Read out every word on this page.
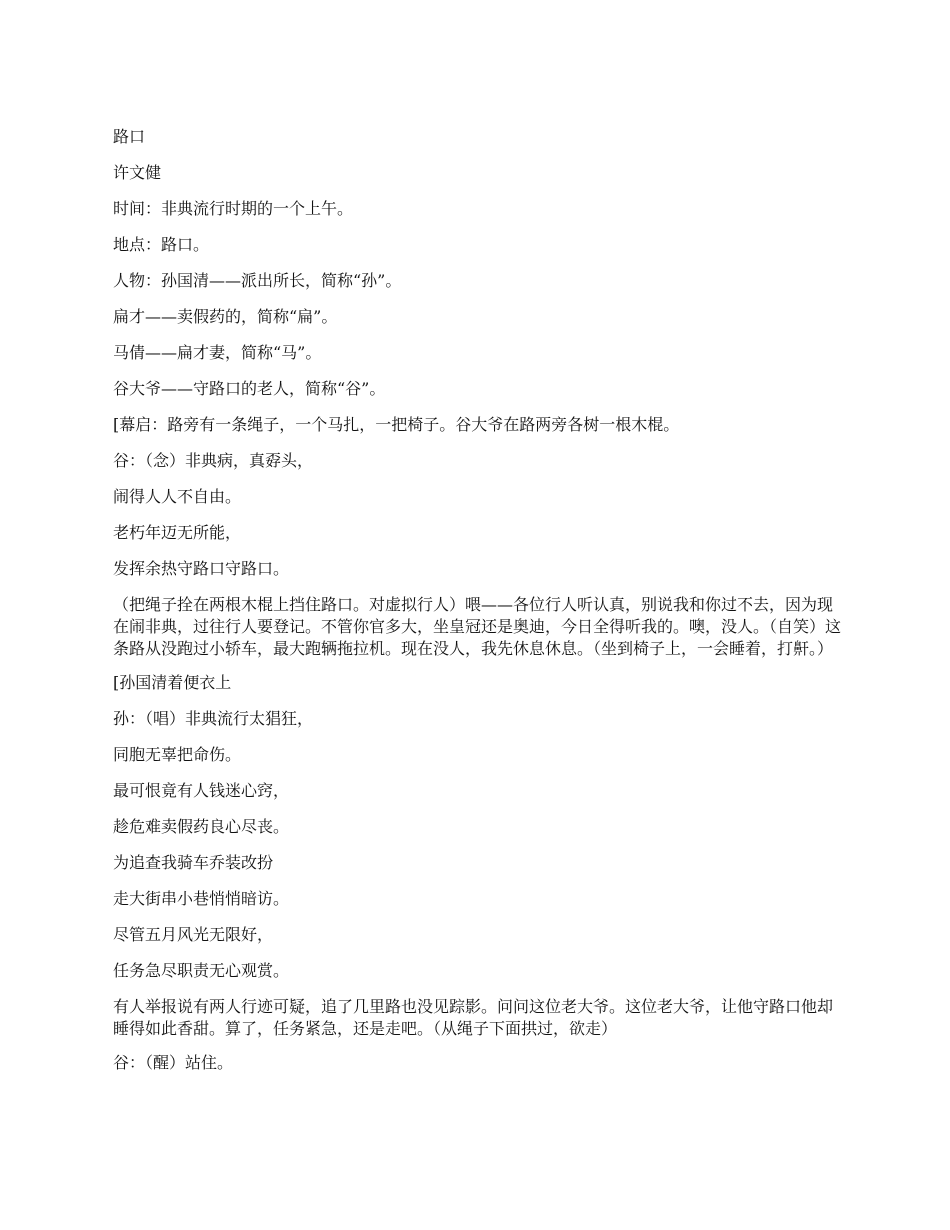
路口

许文健

时间：非典流行时期的一个上午。

地点：路口。

人物：孙国清——派出所长，简称“孙”。

扁才——卖假药的，简称“扁”。

马倩——扁才妻，简称“马”。

谷大爷——守路口的老人，简称“谷”。

[幕启：路旁有一条绳子，一个马扎，一把椅子。谷大爷在路两旁各树一根木棍。

谷：（念）非典病，真孬头，

闹得人人不自由。

老朽年迈无所能，

发挥余热守路口守路口。

（把绳子拴在两根木棍上挡住路口。对虚拟行人）喂——各位行人听认真，别说我和你过不去，因为现在闹非典，过往行人要登记。不管你官多大，坐皇冠还是奥迪，今日全得听我的。噢，没人。（自笑）这条路从没跑过小轿车，最大跑辆拖拉机。现在没人，我先休息休息。（坐到椅子上，一会睡着，打鼾。）

[孙国清着便衣上

孙：（唱）非典流行太猖狂，

同胞无辜把命伤。

最可恨竟有人钱迷心窍，

趁危难卖假药良心尽丧。

为追查我骑车乔装改扮

走大街串小巷悄悄暗访。

尽管五月风光无限好，

任务急尽职责无心观赏。

有人举报说有两人行迹可疑，追了几里路也没见踪影。问问这位老大爷。这位老大爷，让他守路口他却睡得如此香甜。算了，任务紧急，还是走吧。（从绳子下面拱过，欲走）

谷：（醒）站住。
